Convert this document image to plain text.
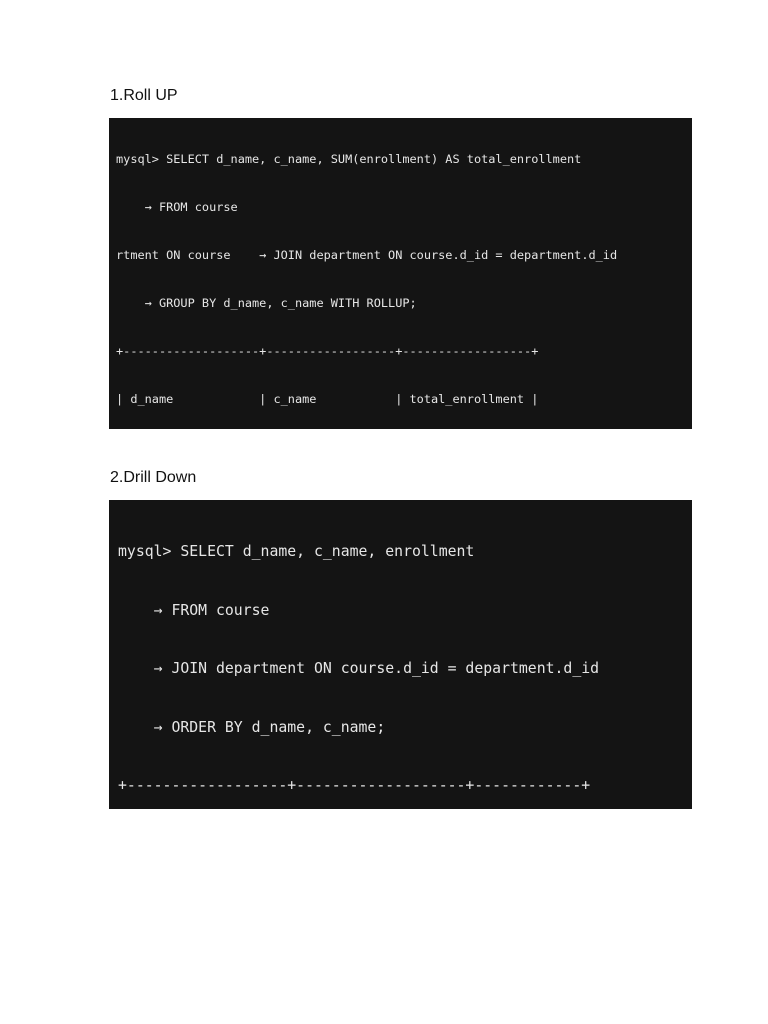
1.Roll UP

mysql> SELECT d_name, c_name, SUM(enrollment) AS total_enrollment

→ FROM course

rtment ON course    → JOIN department ON course.d_id = department.d_id

→ GROUP BY d_name, c_name WITH ROLLUP;

+-------------------+------------------+------------------+

| d_name            | c_name           | total_enrollment |

2.Drill Down

mysql> SELECT d_name, c_name, enrollment

→ FROM course

→ JOIN department ON course.d_id = department.d_id

→ ORDER BY d_name, c_name;

+------------------+-------------------+------------+
